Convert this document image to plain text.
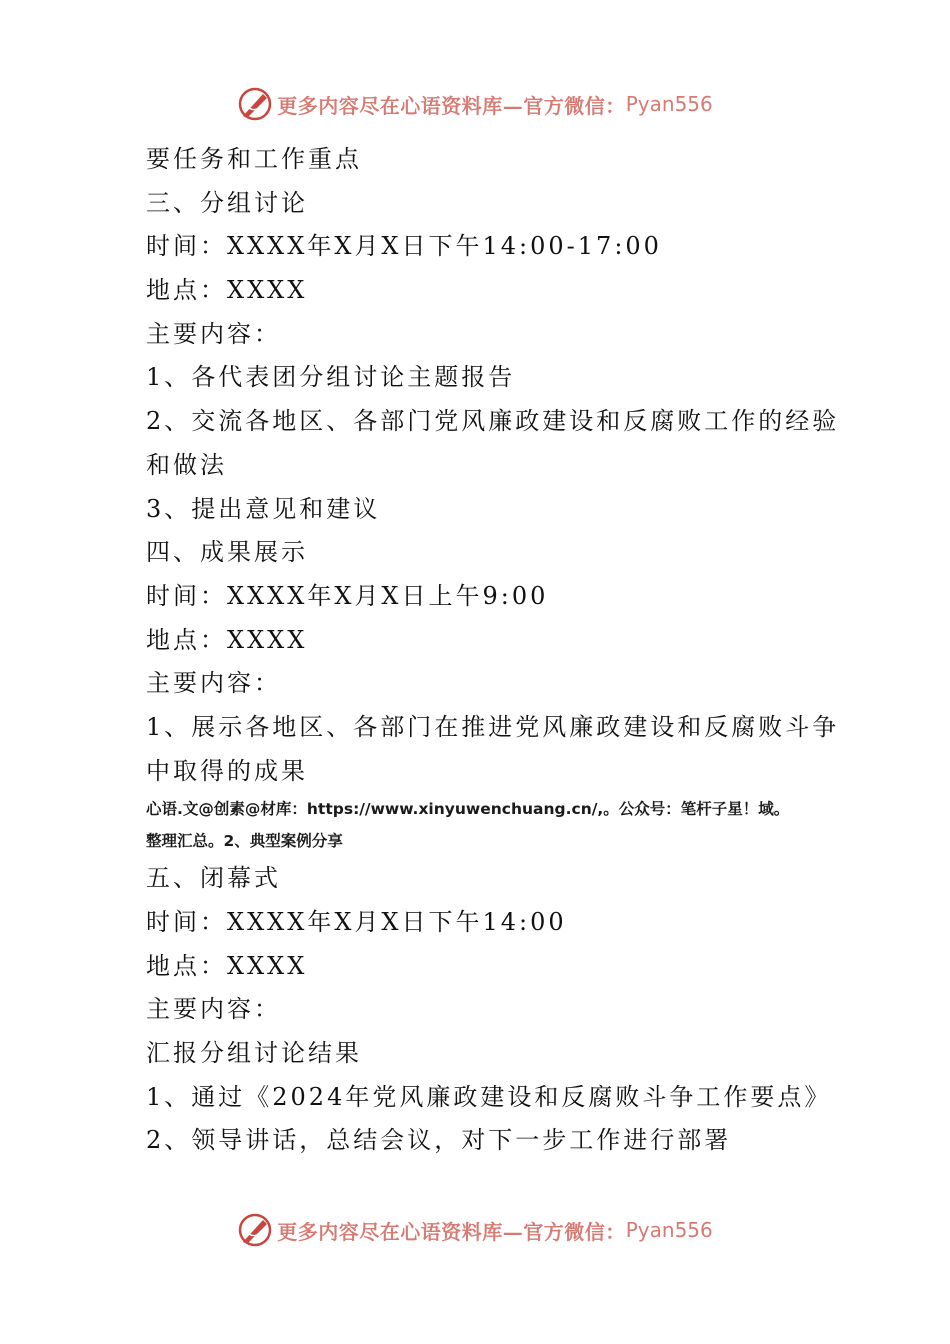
更多内容尽在心语资料库—官方微信： Pyan556
要任务和工作重点
三、分组讨论
时间：XXXX年X月X日下午14:00-17:00
地点：XXXX
主要内容：
1、各代表团分组讨论主题报告
2、交流各地区、各部门党风廉政建设和反腐败工作的经验
和做法
3、提出意见和建议
四、成果展示
时间：XXXX年X月X日上午9:00
地点：XXXX
主要内容：
1、展示各地区、各部门在推进党风廉政建设和反腐败斗争
中取得的成果
心语.文@创素@材库：https://www.xinyuwenchuang.cn/,。公众号：笔杆子星！域。
整理汇总。2、典型案例分享
五、闭幕式
时间：XXXX年X月X日下午14:00
地点：XXXX
主要内容：
汇报分组讨论结果
1、通过《2024年党风廉政建设和反腐败斗争工作要点》
2、领导讲话，总结会议，对下一步工作进行部署
更多内容尽在心语资料库—官方微信： Pyan556
